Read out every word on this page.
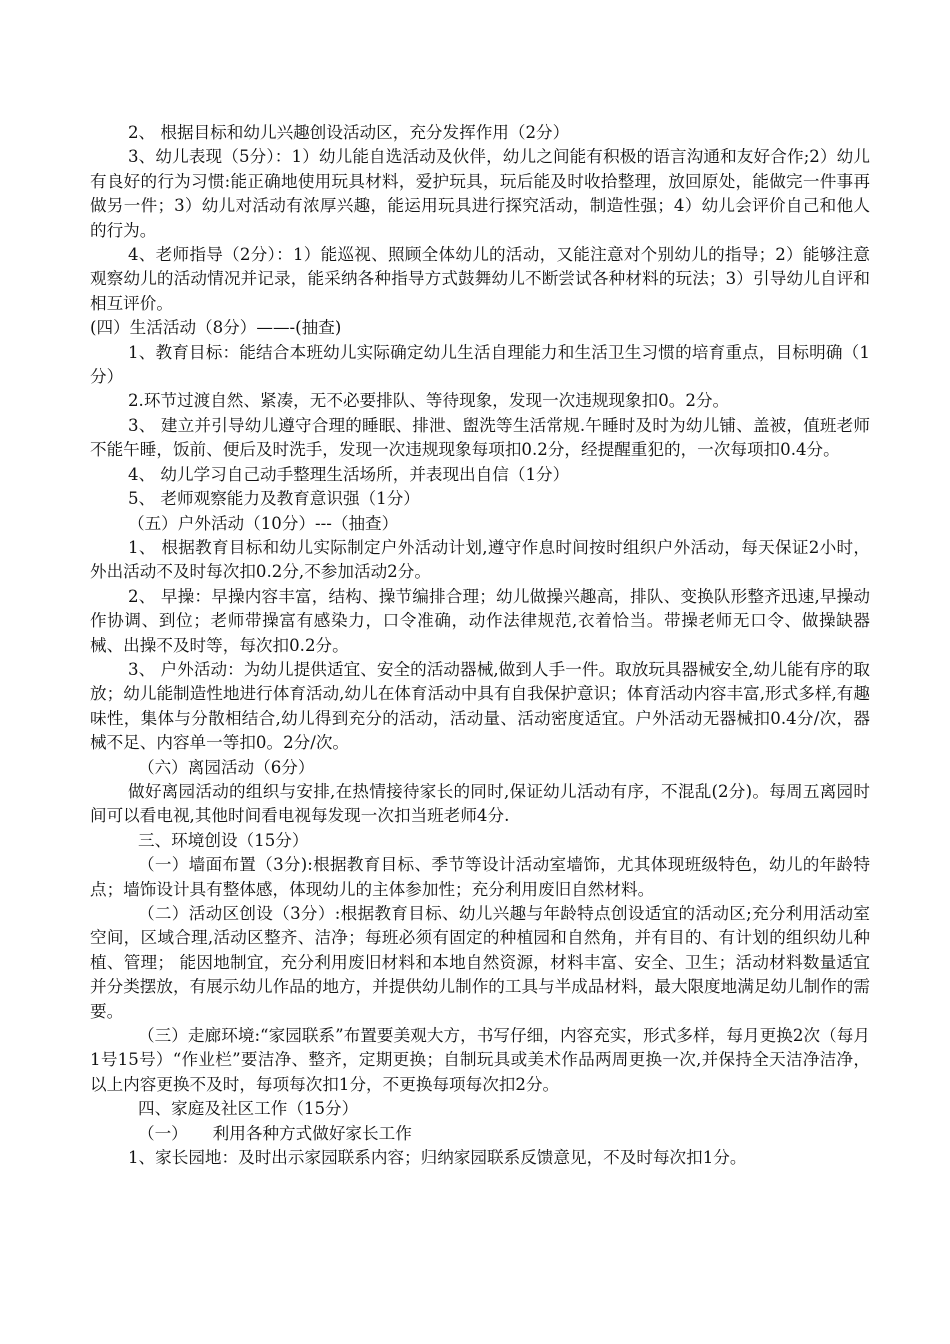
2、 根据目标和幼儿兴趣创设活动区，充分发挥作用（2分）

3、幼儿表现（5分）：1）幼儿能自选活动及伙伴，幼儿之间能有积极的语言沟通和友好合作;2）幼儿有良好的行为习惯:能正确地使用玩具材料，爱护玩具，玩后能及时收拾整理，放回原处，能做完一件事再做另一件；3）幼儿对活动有浓厚兴趣，能运用玩具进行探究活动，制造性强；4）幼儿会评价自己和他人的行为。

4、老师指导（2分）：1）能巡视、照顾全体幼儿的活动，又能注意对个别幼儿的指导；2）能够注意观察幼儿的活动情况并记录，能采纳各种指导方式鼓舞幼儿不断尝试各种材料的玩法；3）引导幼儿自评和相互评价。

(四）生活活动（8分）——-(抽查)

1、教育目标：能结合本班幼儿实际确定幼儿生活自理能力和生活卫生习惯的培育重点，目标明确（1分）

2.环节过渡自然、紧凑，无不必要排队、等待现象，发现一次违规现象扣0。2分。

3、 建立并引导幼儿遵守合理的睡眠、排泄、盥洗等生活常规.午睡时及时为幼儿铺、盖被，值班老师不能午睡，饭前、便后及时洗手，发现一次违规现象每项扣0.2分，经提醒重犯的，一次每项扣0.4分。

4、 幼儿学习自己动手整理生活场所，并表现出自信（1分）

5、 老师观察能力及教育意识强（1分）

（五）户外活动（10分）---（抽查）

1、 根据教育目标和幼儿实际制定户外活动计划,遵守作息时间按时组织户外活动，每天保证2小时，外出活动不及时每次扣0.2分,不参加活动2分。

2、 早操：早操内容丰富，结构、操节编排合理；幼儿做操兴趣高，排队、变换队形整齐迅速,早操动作协调、到位；老师带操富有感染力，口令准确，动作法律规范,衣着恰当。带操老师无口令、做操缺器械、出操不及时等，每次扣0.2分。

3、 户外活动：为幼儿提供适宜、安全的活动器械,做到人手一件。取放玩具器械安全,幼儿能有序的取放；幼儿能制造性地进行体育活动,幼儿在体育活动中具有自我保护意识；体育活动内容丰富,形式多样,有趣味性，集体与分散相结合,幼儿得到充分的活动，活动量、活动密度适宜。户外活动无器械扣0.4分/次，器械不足、内容单一等扣0。2分/次。

（六）离园活动（6分）

做好离园活动的组织与安排,在热情接待家长的同时,保证幼儿活动有序，不混乱(2分)。每周五离园时间可以看电视,其他时间看电视每发现一次扣当班老师4分.

三、环境创设（15分）

（一）墙面布置（3分):根据教育目标、季节等设计活动室墙饰，尤其体现班级特色，幼儿的年龄特点；墙饰设计具有整体感，体现幼儿的主体参加性；充分利用废旧自然材料。

（二）活动区创设（3分）:根据教育目标、幼儿兴趣与年龄特点创设适宜的活动区;充分利用活动室空间，区域合理,活动区整齐、洁净；每班必须有固定的种植园和自然角，并有目的、有计划的组织幼儿种植、管理； 能因地制宜，充分利用废旧材料和本地自然资源，材料丰富、安全、卫生；活动材料数量适宜并分类摆放，有展示幼儿作品的地方，并提供幼儿制作的工具与半成品材料，最大限度地满足幼儿制作的需要。

（三）走廊环境:“家园联系”布置要美观大方，书写仔细，内容充实，形式多样，每月更换2次（每月1号15号）“作业栏”要洁净、整齐，定期更换；自制玩具或美术作品两周更换一次,并保持全天洁净洁净，以上内容更换不及时，每项每次扣1分，不更换每项每次扣2分。

四、家庭及社区工作（15分）

（一）　　利用各种方式做好家长工作

1、家长园地：及时出示家园联系内容；归纳家园联系反馈意见，不及时每次扣1分。
